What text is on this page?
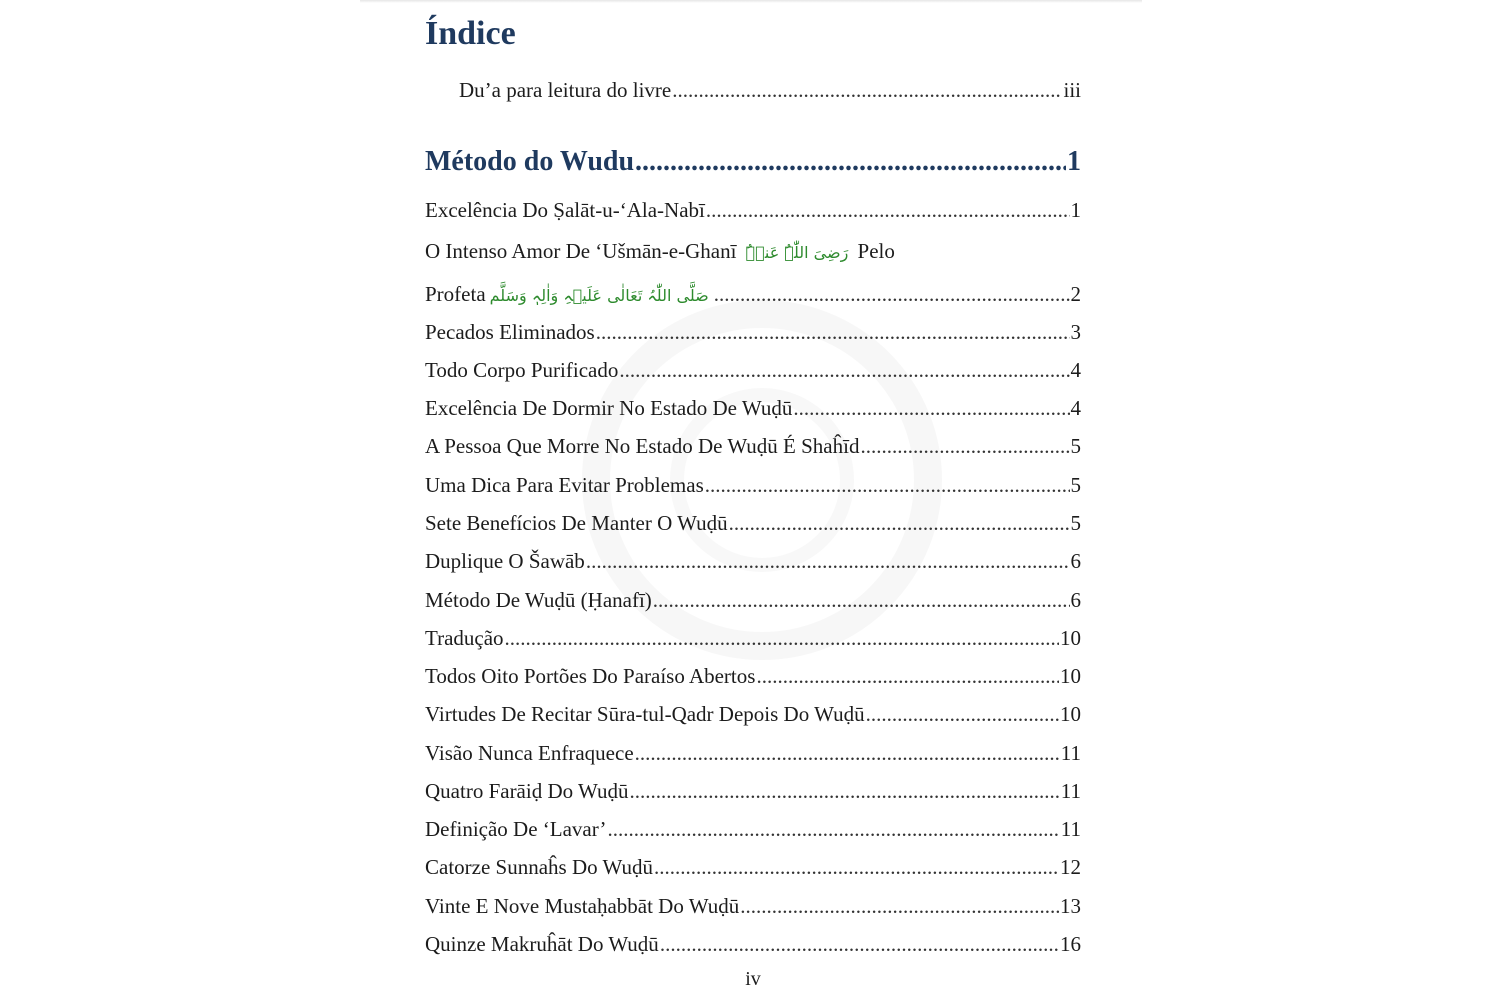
Índice
Du’a para leitura do livre .....	iii
Método do Wudu .....	1
Excelência Do Ṣalāt-u-‘Ala-Nabī .....	1
O Intenso Amor De ‘Ušmān-e-Ghanī رَضِیَ اللّٰہُ عَنۡہُ Pelo
Profeta صَلَّی اللّٰہُ تَعَالٰی عَلَیۡہِ وَاٰلِہٖ وَسَلَّم .....	2
Pecados Eliminados .....	3
Todo Corpo Purificado .....	4
Excelência De Dormir No Estado De Wuḍū .....	4
A Pessoa Que Morre No Estado De Wuḍū É Shaĥīd .....	5
Uma Dica Para Evitar Problemas .....	5
Sete Benefícios De Manter O Wuḍū .....	5
Duplique O Šawāb .....	6
Método De Wuḍū (Ḥanafī) .....	6
Tradução .....	10
Todos Oito Portões Do Paraíso Abertos .....	10
Virtudes De Recitar Sūra-tul-Qadr Depois Do Wuḍū .....	10
Visão Nunca Enfraquece .....	11
Quatro Farāiḍ Do Wuḍū .....	11
Definição De ‘Lavar’ .....	11
Catorze Sunnaĥs Do Wuḍū .....	12
Vinte E Nove Mustaḥabbāt Do Wuḍū .....	13
Quinze Makruĥāt Do Wuḍū .....	16
iv
